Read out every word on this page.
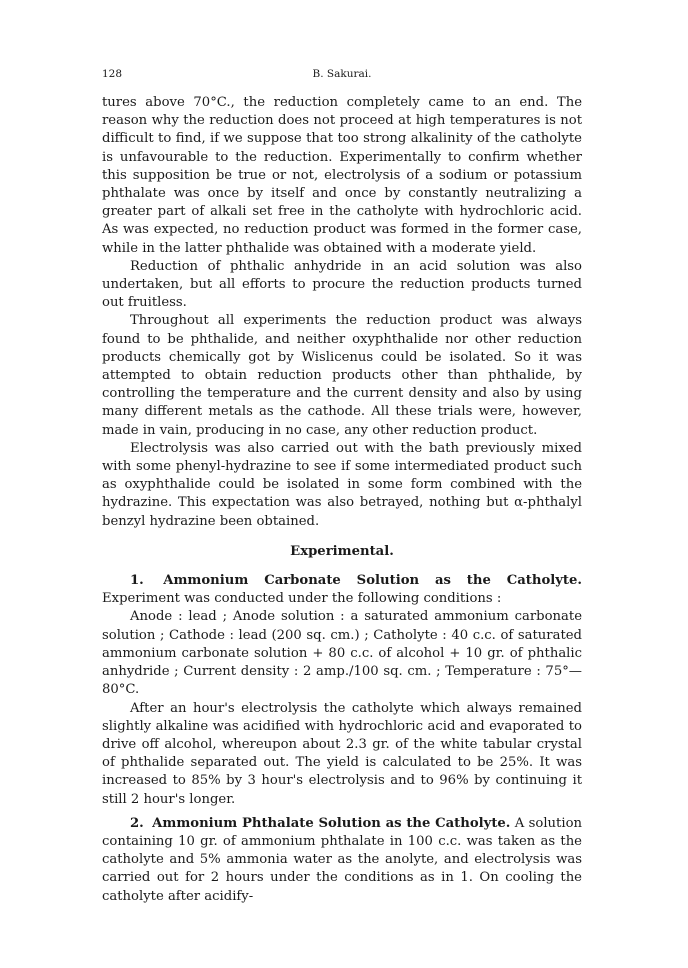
128	B. Sakurai.

tures above 70°C., the reduction completely came to an end. The reason why the reduction does not proceed at high temperatures is not difficult to find, if we suppose that too strong alkalinity of the catholyte is unfavourable to the reduction. Experimentally to confirm whether this supposition be true or not, electrolysis of a sodium or potassium phthalate was once by itself and once by constantly neutralizing a greater part of alkali set free in the catholyte with hydrochloric acid. As was expected, no reduction product was formed in the former case, while in the latter phthalide was obtained with a moderate yield.

Reduction of phthalic anhydride in an acid solution was also undertaken, but all efforts to procure the reduction products turned out fruitless.

Throughout all experiments the reduction product was always found to be phthalide, and neither oxyphthalide nor other reduction products chemically got by Wislicenus could be isolated. So it was attempted to obtain reduction products other than phthalide, by controlling the temperature and the current density and also by using many different metals as the cathode. All these trials were, however, made in vain, producing in no case, any other reduction product.

Electrolysis was also carried out with the bath previously mixed with some phenyl-hydrazine to see if some intermediated product such as oxyphthalide could be isolated in some form combined with the hydrazine. This expectation was also betrayed, nothing but α-phthalyl benzyl hydrazine been obtained.

Experimental.

1. Ammonium Carbonate Solution as the Catholyte. Experiment was conducted under the following conditions :

Anode : lead ; Anode solution : a saturated ammonium carbonate solution ; Cathode : lead (200 sq. cm.) ; Catholyte : 40 c.c. of saturated ammonium carbonate solution + 80 c.c. of alcohol + 10 gr. of phthalic anhydride ; Current density : 2 amp./100 sq. cm. ; Temperature : 75°—80°C.

After an hour's electrolysis the catholyte which always remained slightly alkaline was acidified with hydrochloric acid and evaporated to drive off alcohol, whereupon about 2.3 gr. of the white tabular crystal of phthalide separated out. The yield is calculated to be 25%. It was increased to 85% by 3 hour's electrolysis and to 96% by continuing it still 2 hour's longer.

2. Ammonium Phthalate Solution as the Catholyte. A solution containing 10 gr. of ammonium phthalate in 100 c.c. was taken as the catholyte and 5% ammonia water as the anolyte, and electrolysis was carried out for 2 hours under the conditions as in 1. On cooling the catholyte after acidify-
